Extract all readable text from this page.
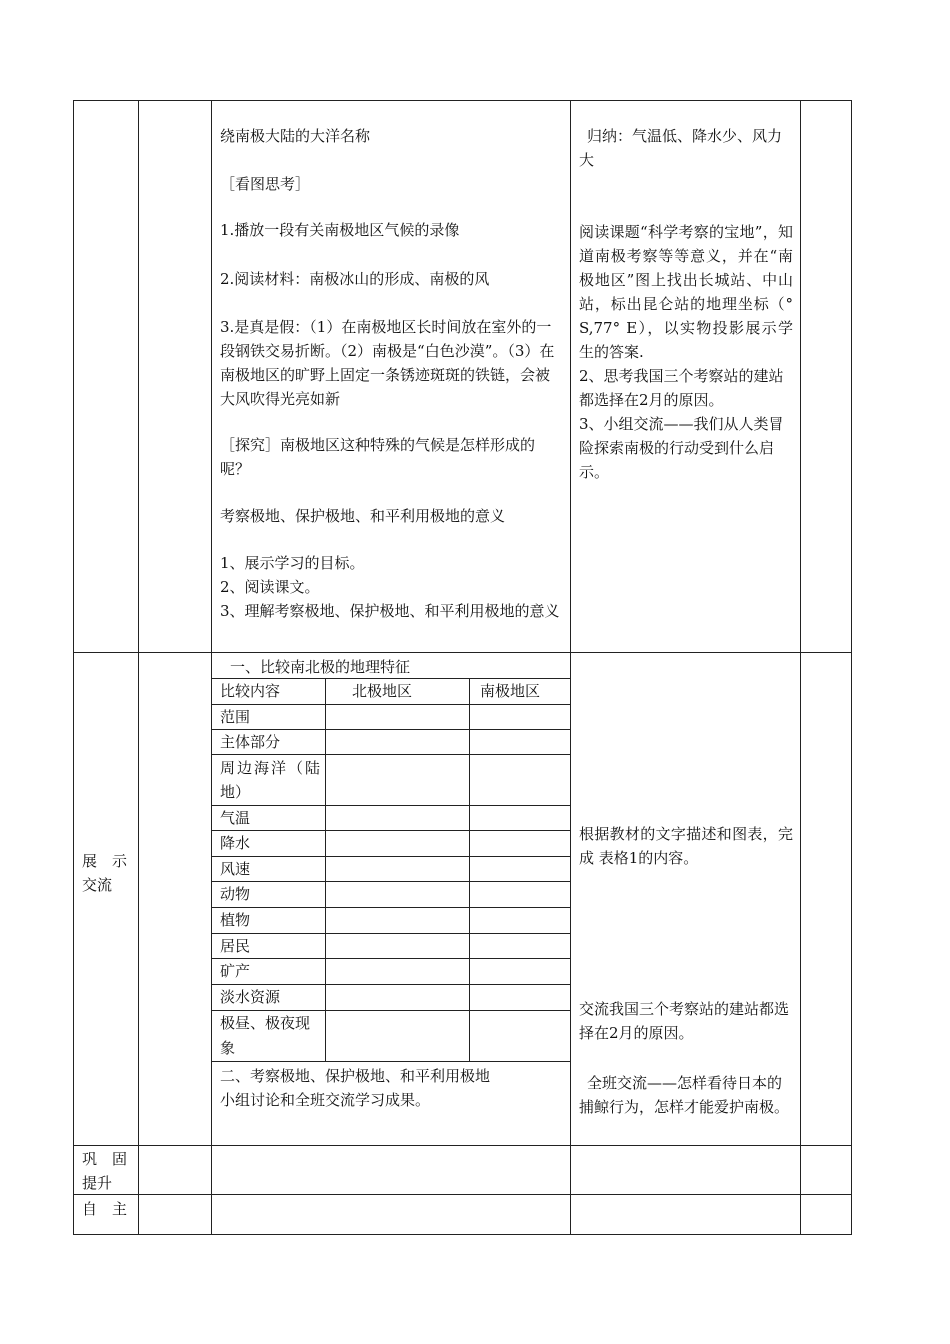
绕南极大陆的大洋名称

［看图思考］

1.播放一段有关南极地区气候的录像

2.阅读材料：南极冰山的形成、南极的风

3.是真是假：（1）在南极地区长时间放在室外的一段钢铁交易折断。（2）南极是“白色沙漠”。（3）在南极地区的旷野上固定一条锈迹斑斑的铁链，会被大风吹得光亮如新

［探究］南极地区这种特殊的气候是怎样形成的呢？

考察极地、保护极地、和平利用极地的意义

1、展示学习的目标。

2、阅读课文。

3、理解考察极地、保护极地、和平利用极地的意义

归纳：气温低、降水少、风力大

阅读课题“科学考察的宝地”，知道南极考察等等意义，并在“南极地区”图上找出长城站、中山站，标出昆仑站的地理坐标（° S,77° E），以实物投影展示学生的答案.

2、思考我国三个考察站的建站都选择在2月的原因。

3、小组交流——我们从人类冒险探索南极的行动受到什么启示。

展　示交流
一、比较南北极的地理特征
比较内容	北极地区	南极地区
范围
主体部分
周边海洋（陆地）
气温
降水
风速
动物
植物
居民
矿产
淡水资源
极昼、极夜现象
二、考察极地、保护极地、和平利用极地
小组讨论和全班交流学习成果。
根据教材的文字描述和图表，完成 表格1的内容。
交流我国三个考察站的建站都选择在2月的原因。
全班交流——怎样看待日本的捕鲸行为，怎样才能爱护南极。
巩　固提升
自　主
